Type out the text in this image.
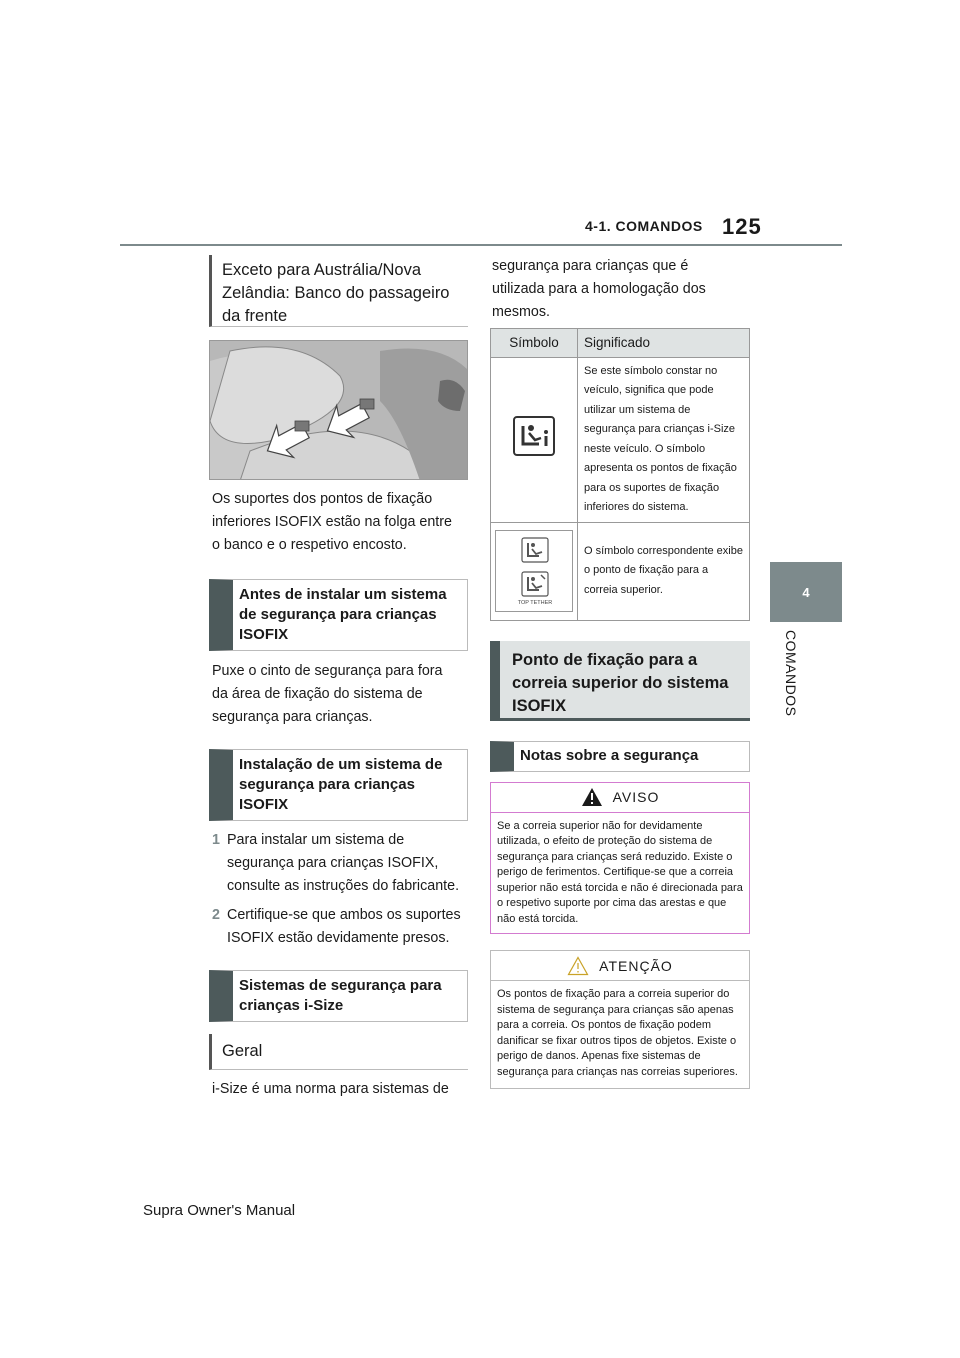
4-1. COMANDOS 125
4
COMANDOS
Exceto para Austrália/Nova Zelândia: Banco do passageiro da frente
Os suportes dos pontos de fixação inferiores ISOFIX estão na folga entre o banco e o respetivo encosto.
Antes de instalar um sistema de segurança para crianças ISOFIX
Puxe o cinto de segurança para fora da área de fixação do sistema de segurança para crianças.
Instalação de um sistema de segurança para crianças ISOFIX
1 Para instalar um sistema de segurança para crianças ISOFIX, consulte as instruções do fabricante.
2 Certifique-se que ambos os suportes ISOFIX estão devidamente presos.
Sistemas de segurança para crianças i-Size
Geral
i-Size é uma norma para sistemas de
segurança para crianças que é utilizada para a homologação dos mesmos.
Símbolo	Significado
	Se este símbolo constar no veículo, significa que pode utilizar um sistema de segurança para crianças i-Size neste veículo. O símbolo apresenta os pontos de fixação para os suportes de fixação inferiores do sistema.

TOP TETHER	O símbolo correspondente exibe o ponto de fixação para a correia superior.
Ponto de fixação para a correia superior do sistema ISOFIX
Notas sobre a segurança
AVISO
Se a correia superior não for devidamente utilizada, o efeito de proteção do sistema de segurança para crianças será reduzido. Existe o perigo de ferimentos. Certifique-se que a correia superior não está torcida e não é direcionada para o respetivo suporte por cima das arestas e que não está torcida.
ATENÇÃO
Os pontos de fixação para a correia superior do sistema de segurança para crianças são apenas para a correia. Os pontos de fixação podem danificar se fixar outros tipos de objetos. Existe o perigo de danos. Apenas fixe sistemas de segurança para crianças nas correias superiores.
Supra Owner's Manual
